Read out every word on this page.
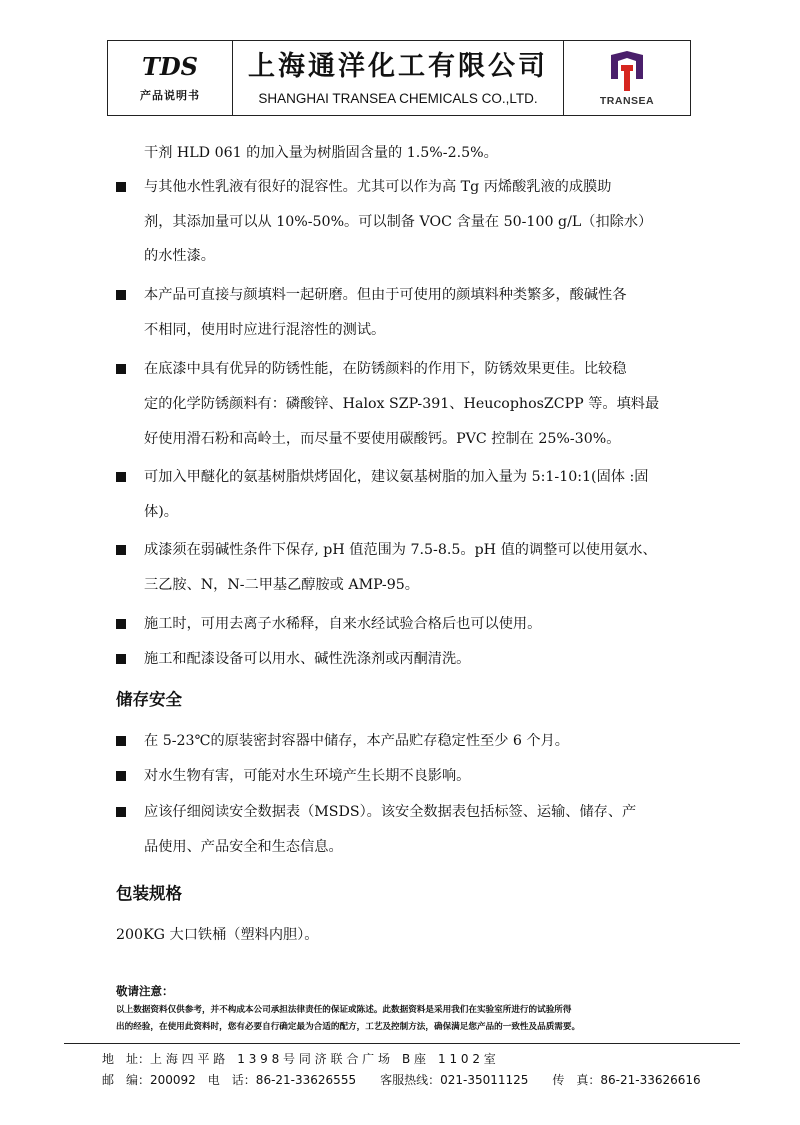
TDS
产品说明书
上海通洋化工有限公司
SHANGHAI TRANSEA CHEMICALS CO.,LTD.	TRANSEA

干剂 HLD 061 的加入量为树脂固含量的 1.5%-2.5%。

与其他水性乳液有很好的混容性。尤其可以作为高 Tg 丙烯酸乳液的成膜助

剂，其添加量可以从 10%-50%。可以制备 VOC 含量在 50-100 g/L（扣除水）

的水性漆。

本产品可直接与颜填料一起研磨。但由于可使用的颜填料种类繁多，酸碱性各

不相同，使用时应进行混溶性的测试。

在底漆中具有优异的防锈性能，在防锈颜料的作用下，防锈效果更佳。比较稳

定的化学防锈颜料有：磷酸锌、Halox SZP-391、HeucophosZCPP 等。填料最

好使用滑石粉和高岭土，而尽量不要使用碳酸钙。PVC 控制在 25%-30%。

可加入甲醚化的氨基树脂烘烤固化，建议氨基树脂的加入量为 5:1-10:1(固体 :固

体)。

成漆须在弱碱性条件下保存, pH 值范围为 7.5-8.5。pH 值的调整可以使用氨水、

三乙胺、N，N-二甲基乙醇胺或 AMP-95。

施工时，可用去离子水稀释，自来水经试验合格后也可以使用。

施工和配漆设备可以用水、碱性洗涤剂或丙酮清洗。

储存安全

在 5-23℃的原装密封容器中储存，本产品贮存稳定性至少 6 个月。

对水生物有害，可能对水生环境产生长期不良影响。

应该仔细阅读安全数据表（MSDS）。该安全数据表包括标签、运输、储存、产

品使用、产品安全和生态信息。

包装规格

200KG 大口铁桶（塑料内胆）。

敬请注意：

以上数据资料仅供参考，并不构成本公司承担法律责任的保证或陈述。此数据资料是采用我们在实验室所进行的试验所得
出的经验，在使用此资料时，您有必要自行确定最为合适的配方，工艺及控制方法，确保满足您产品的一致性及品质需要。

地　址：上 海 四 平 路　1 3 9 8 号 同 济 联 合 广 场　B 座　1 1 0 2 室

邮　编：200092　电　话：86-21-33626555　　客服热线：021-35011125　　传　真：86-21-33626616
